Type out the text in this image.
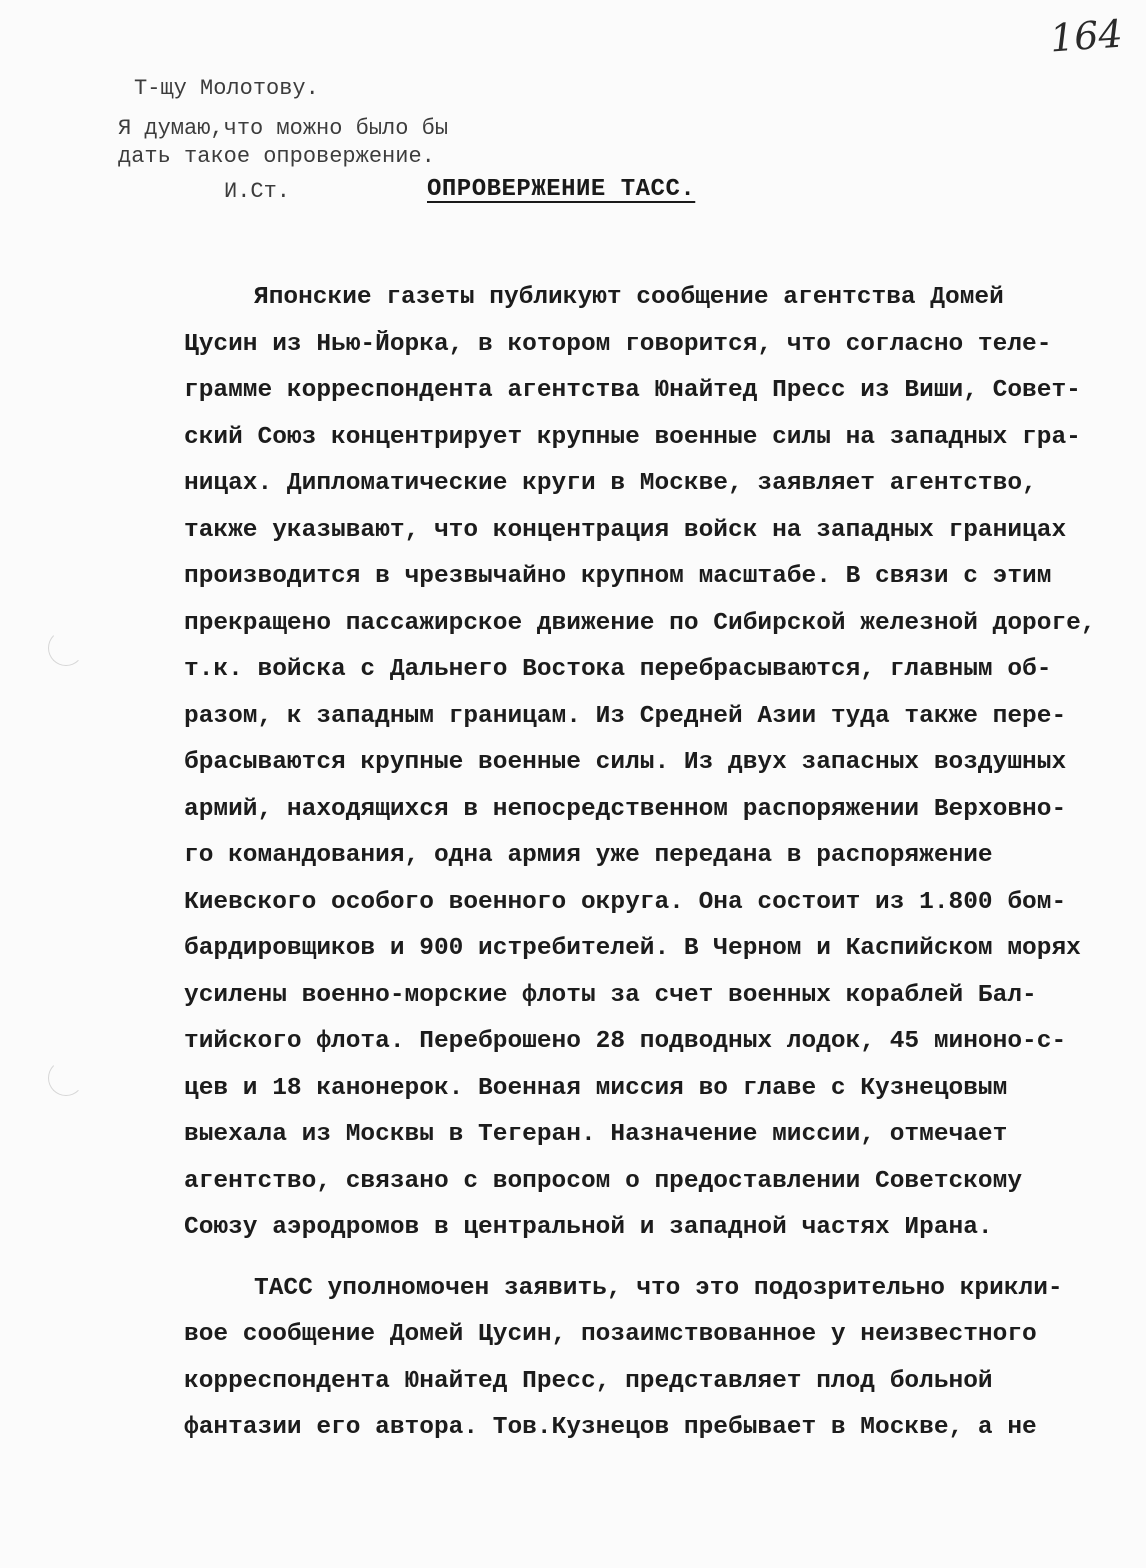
164
Т-щу Молотову.
Я думаю,что можно было бы
дать такое опровержение.
И.Ст.	ОПРОВЕРЖЕНИЕ ТАСС.
Японские газеты публикуют сообщение агентства Домей
Цусин из Нью-Йорка, в котором говорится, что согласно теле-
грамме корреспондента агентства Юнайтед Пресс из Виши, Совет-
ский Союз концентрирует крупные военные силы на западных гра-
ницах. Дипломатические круги в Москве, заявляет агентство,
также указывают, что концентрация войск на западных границах
производится в чрезвычайно крупном масштабе. В связи с этим
прекращено пассажирское движение по Сибирской железной дороге,
т.к. войска с Дальнего Востока перебрасываются, главным об-
разом, к западным границам. Из Средней Азии туда также пере-
брасываются крупные военные силы. Из двух запасных воздушных
армий, находящихся в непосредственном распоряжении Верховно-
го командования, одна армия уже передана в распоряжение
Киевского особого военного округа. Она состоит из 1.800 бом-
бардировщиков и 900 истребителей. В Черном и Каспийском морях
усилены военно-морские флоты за счет военных кораблей Бал-
тийского флота. Переброшено 28 подводных лодок, 45 миноно-с-
цев и 18 канонерок. Военная миссия во главе с Кузнецовым
выехала из Москвы в Тегеран. Назначение миссии, отмечает
агентство, связано с вопросом о предоставлении Советскому
Союзу аэродромов в центральной и западной частях Ирана.
ТАСС уполномочен заявить, что это подозрительно крикли-
вое сообщение Домей Цусин, позаимствованное у неизвестного
корреспондента Юнайтед Пресс, представляет плод больной
фантазии его автора. Тов.Кузнецов пребывает в Москве, а не
